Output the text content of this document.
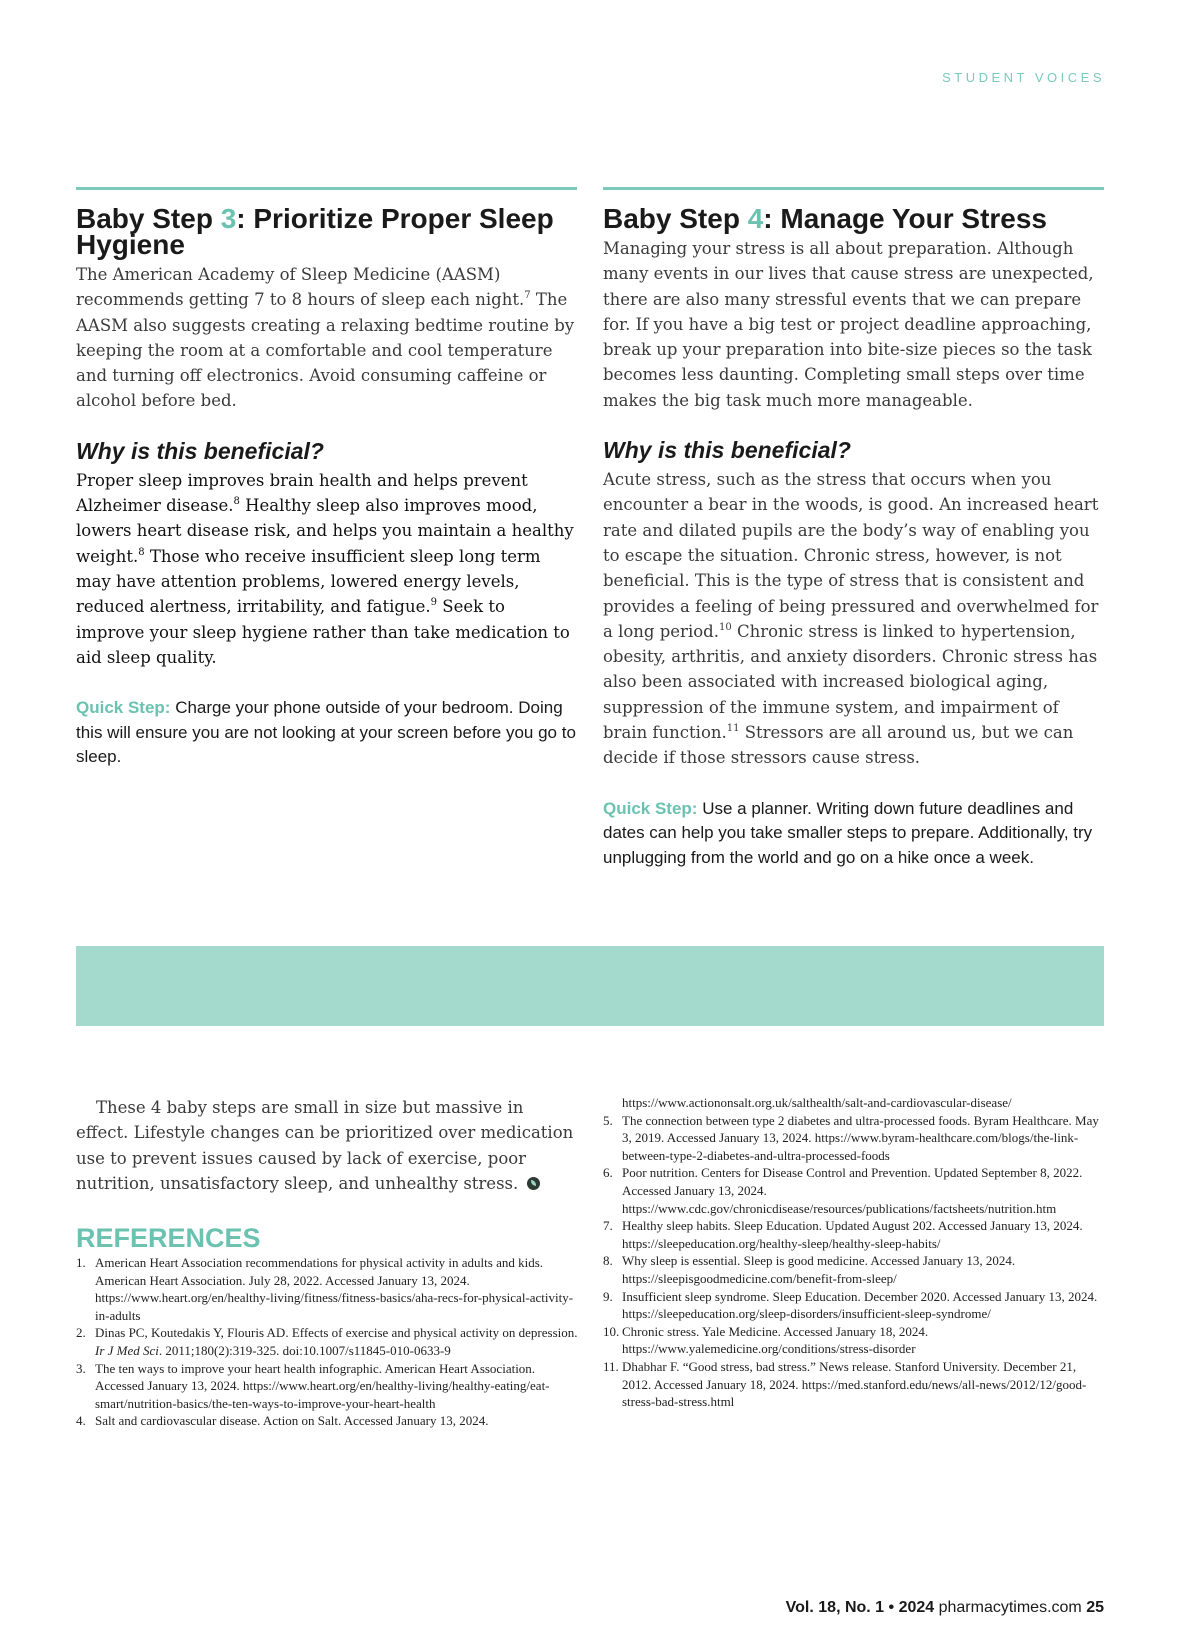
STUDENT VOICES
Baby Step 3: Prioritize Proper Sleep Hygiene

The American Academy of Sleep Medicine (AASM) recommends getting 7 to 8 hours of sleep each night.$^7$ The AASM also suggests creating a relaxing bedtime routine by keeping the room at a comfortable and cool temperature and turning off electronics. Avoid consuming caffeine or alcohol before bed.

Why is this beneficial?

Proper sleep improves brain health and helps prevent Alzheimer disease.$^8$ Healthy sleep also improves mood, lowers heart disease risk, and helps you maintain a healthy weight.$^8$ Those who receive insufficient sleep long term may have attention problems, lowered energy levels, reduced alertness, irritability, and fatigue.$^9$ Seek to improve your sleep hygiene rather than take medication to aid sleep quality.

Quick Step: Charge your phone outside of your bedroom. Doing this will ensure you are not looking at your screen before you go to sleep.

Baby Step 4: Manage Your Stress

Managing your stress is all about preparation. Although many events in our lives that cause stress are unexpected, there are also many stressful events that we can prepare for. If you have a big test or project deadline approaching, break up your preparation into bite-size pieces so the task becomes less daunting. Completing small steps over time makes the big task much more manageable.

Why is this beneficial?

Acute stress, such as the stress that occurs when you encounter a bear in the woods, is good. An increased heart rate and dilated pupils are the body’s way of enabling you to escape the situation. Chronic stress, however, is not beneficial. This is the type of stress that is consistent and provides a feeling of being pressured and overwhelmed for a long period.$^{10}$ Chronic stress is linked to hypertension, obesity, arthritis, and anxiety disorders. Chronic stress has also been associated with increased biological aging, suppression of the immune system, and impairment of brain function.$^{11}$ Stressors are all around us, but we can decide if those stressors cause stress.

Quick Step: Use a planner. Writing down future deadlines and dates can help you take smaller steps to prepare. Additionally, try unplugging from the world and go on a hike once a week.

These 4 baby steps are small in size but massive in effect. Lifestyle changes can be prioritized over medication use to prevent issues caused by lack of exercise, poor nutrition, unsatisfactory sleep, and unhealthy stress.

REFERENCES
1. American Heart Association recommendations for physical activity in adults and kids. American Heart Association. July 28, 2022. Accessed January 13, 2024. https://www.heart.org/en/healthy-living/fitness/fitness-basics/aha-recs-for-physical-activity-in-adults
2. Dinas PC, Koutedakis Y, Flouris AD. Effects of exercise and physical activity on depression. Ir J Med Sci. 2011;180(2):319-325. doi:10.1007/s11845-010-0633-9
3. The ten ways to improve your heart health infographic. American Heart Association. Accessed January 13, 2024. https://www.heart.org/en/healthy-living/healthy-eating/eat-smart/nutrition-basics/the-ten-ways-to-improve-your-heart-health
4. Salt and cardiovascular disease. Action on Salt. Accessed January 13, 2024.
https://www.actiononsalt.org.uk/salthealth/salt-and-cardiovascular-disease/
5. The connection between type 2 diabetes and ultra-processed foods. Byram Healthcare. May 3, 2019. Accessed January 13, 2024. https://www.byram-healthcare.com/blogs/the-link-between-type-2-diabetes-and-ultra-processed-foods
6. Poor nutrition. Centers for Disease Control and Prevention. Updated September 8, 2022. Accessed January 13, 2024. https://www.cdc.gov/chronicdisease/resources/publications/factsheets/nutrition.htm
7. Healthy sleep habits. Sleep Education. Updated August 202. Accessed January 13, 2024. https://sleepeducation.org/healthy-sleep/healthy-sleep-habits/
8. Why sleep is essential. Sleep is good medicine. Accessed January 13, 2024. https://sleepisgoodmedicine.com/benefit-from-sleep/
9. Insufficient sleep syndrome. Sleep Education. December 2020. Accessed January 13, 2024. https://sleepeducation.org/sleep-disorders/insufficient-sleep-syndrome/
10. Chronic stress. Yale Medicine. Accessed January 18, 2024. https://www.yalemedicine.org/conditions/stress-disorder
11. Dhabhar F. “Good stress, bad stress.” News release. Stanford University. December 21, 2012. Accessed January 18, 2024. https://med.stanford.edu/news/all-news/2012/12/good-stress-bad-stress.html
Vol. 18, No. 1 • 2024 pharmacytimes.com 25
